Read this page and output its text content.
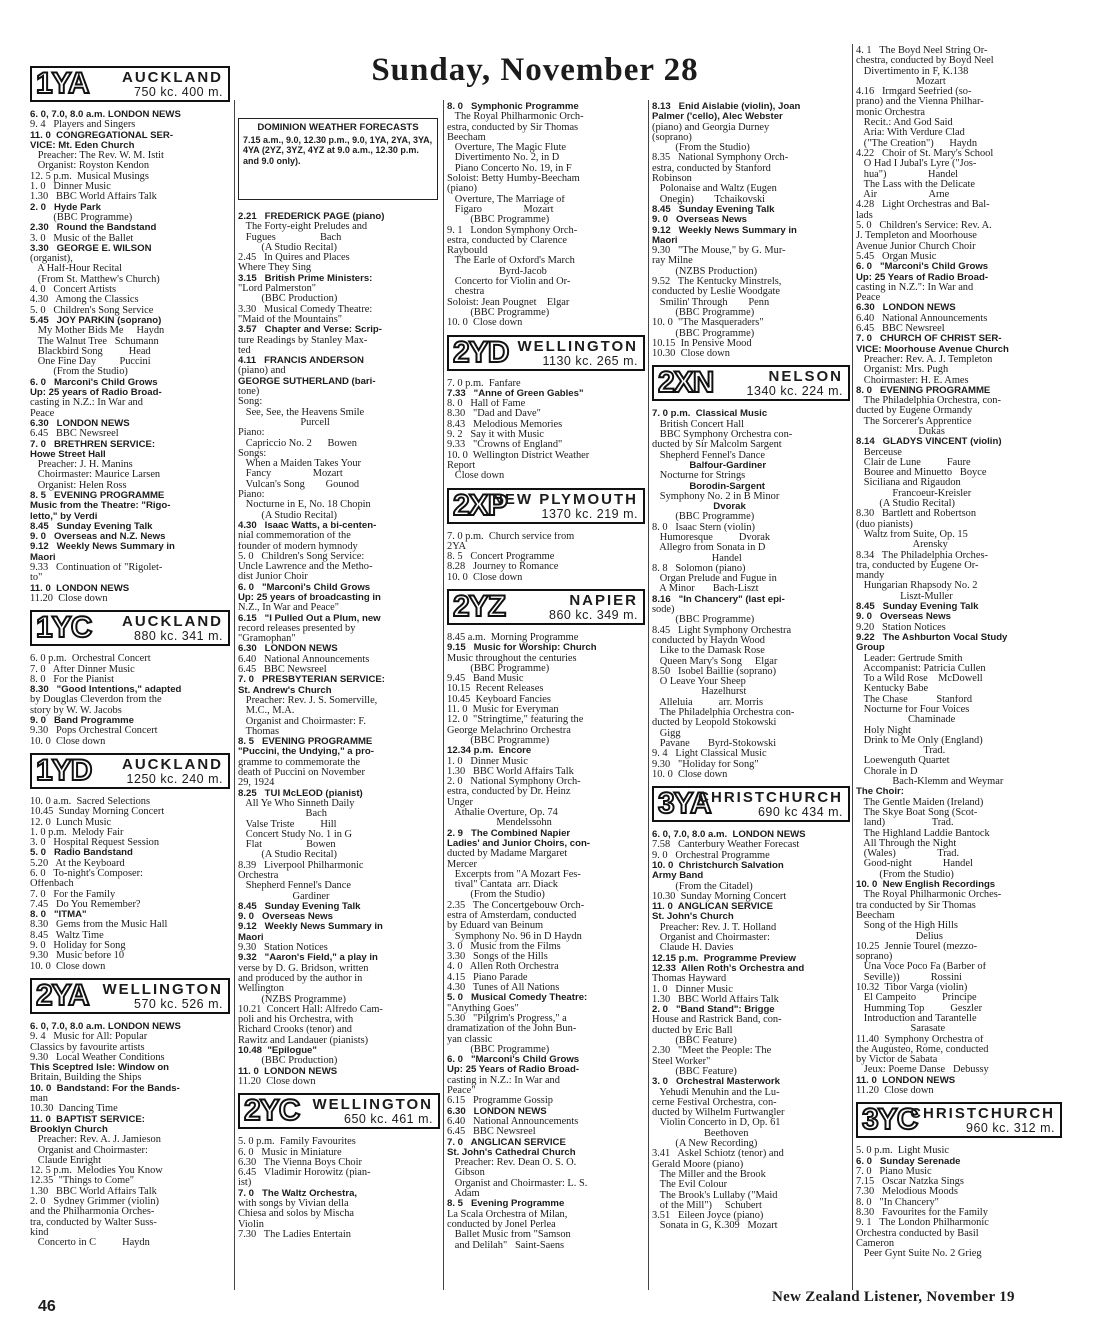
Sunday, November 28
DOMINION WEATHER FORECASTS
7.15 a.m., 9.0, 12.30 p.m., 9.0, 1YA, 2YA, 3YA, 4YA (2YZ, 3YZ, 4YZ at 9.0 a.m., 12.30 p.m. and 9.0 only).
1YA AUCKLAND
750 kc. 400 m.
6. 0, 7.0, 8.0 a.m. LONDON NEWS
9. 4   Players and Singers
11. 0  CONGREGATIONAL SER-
VICE: Mt. Eden Church
Preacher: The Rev. W. M. Istit
Organist: Royston Kendon
12. 5 p.m.  Musical Musings
1. 0   Dinner Music
1.30   BBC World Affairs Talk
2. 0   Hyde Park
(BBC Programme)
2.30   Round the Bandstand
3. 0   Music of the Ballet
3.30   GEORGE E. WILSON
(organist),
A Half-Hour Recital
(From St. Matthew's Church)
4. 0   Concert Artists
4.30   Among the Classics
5. 0   Children's Song Service
5.45   JOY PARKIN (soprano)
My Mother Bids Me     Haydn
The Walnut Tree   Schumann
Blackbird Song          Head
One Fine Day         Puccini
(From the Studio)
6. 0   Marconi's Child Grows
Up: 25 years of Radio Broad-
casting in N.Z.: In War and
Peace
6.30   LONDON NEWS
6.45   BBC Newsreel
7. 0   BRETHREN SERVICE:
Howe Street Hall
Preacher: J. H. Manins
Choirmaster: Maurice Larsen
Organist: Helen Ross
8. 5   EVENING PROGRAMME
Music from the Theatre: "Rigo-
letto," by Verdi
8.45   Sunday Evening Talk
9. 0   Overseas and N.Z. News
9.12   Weekly News Summary in
Maori
9.33   Continuation of "Rigolet-
to"
11. 0  LONDON NEWS
11.20  Close down
1YC AUCKLAND
880 kc. 341 m.
6. 0 p.m.  Orchestral Concert
7. 0   After Dinner Music
8. 0   For the Pianist
8.30   "Good Intentions," adapted
by Douglas Cleverdon from the
story by W. W. Jacobs
9. 0   Band Programme
9.30   Pops Orchestral Concert
10. 0  Close down
1YD AUCKLAND
1250 kc. 240 m.
10. 0 a.m.  Sacred Selections
10.45  Sunday Morning Concert
12. 0  Lunch Music
1. 0 p.m.  Melody Fair
3. 0   Hospital Request Session
5. 0   Radio Bandstand
5.20   At the Keyboard
6. 0   To-night's Composer:
Offenbach
7. 0   For the Family
7.45   Do You Remember?
8. 0   "ITMA"
8.30   Gems from the Music Hall
8.45   Waltz Time
9. 0   Holiday for Song
9.30   Music before 10
10. 0  Close down
2YA WELLINGTON
570 kc. 526 m.
6. 0, 7.0, 8.0 a.m. LONDON NEWS
9. 4   Music for All: Popular
Classics by favourite artists
9.30   Local Weather Conditions
This Sceptred Isle: Window on
Britain, Building the Ships
10. 0  Bandstand: For the Bands-
man
10.30  Dancing Time
11. 0  BAPTIST SERVICE:
Brooklyn Church
Preacher: Rev. A. J. Jamieson
Organist and Choirmaster:
Claude Enright
12. 5 p.m.  Melodies You Know
12.35  "Things to Come"
1.30   BBC World Affairs Talk
2. 0   Sydney Grimmer (violin)
and the Philharmonia Orches-
tra, conducted by Walter Suss-
kind
Concerto in C          Haydn
2.21   FREDERICK PAGE (piano)
The Forty-eight Preludes and
Fugues                 Bach
(A Studio Recital)
2.45   In Quires and Places
Where They Sing
3.15   British Prime Ministers:
"Lord Palmerston"
(BBC Production)
3.30   Musical Comedy Theatre:
"Maid of the Mountains"
3.57   Chapter and Verse: Scrip-
ture Readings by Stanley Max-
ted
4.11   FRANCIS ANDERSON
(piano) and
GEORGE SUTHERLAND (bari-
tone)
Song:
See, See, the Heavens Smile
Purcell
Piano:
Capriccio No. 2      Bowen
Songs:
When a Maiden Takes Your
Fancy                Mozart
Vulcan's Song        Gounod
Piano:
Nocturne in E, No. 18 Chopin
(A Studio Recital)
4.30   Isaac Watts, a bi-centen-
nial commemoration of the
founder of modern hymnody
5. 0   Children's Song Service:
Uncle Lawrence and the Metho-
dist Junior Choir
6. 0   "Marconi's Child Grows
Up: 25 years of broadcasting in
N.Z., In War and Peace"
6.15   "I Pulled Out a Plum, new
record releases presented by
"Gramophan"
6.30   LONDON NEWS
6.40   National Announcements
6.45   BBC Newsreel
7. 0   PRESBYTERIAN SERVICE:
St. Andrew's Church
Preacher: Rev. J. S. Somerville,
M.C., M.A.
Organist and Choirmaster: F.
Thomas
8. 5   EVENING PROGRAMME
"Puccini, the Undying," a pro-
gramme to commemorate the
death of Puccini on November
29, 1924
8.25   TUI McLEOD (pianist)
All Ye Who Sinneth Daily
Bach
Valse Triste          Hill
Concert Study No. 1 in G
Flat                 Bowen
(A Studio Recital)
8.39   Liverpool Philharmonic
Orchestra
Shepherd Fennel's Dance
Gardiner
8.45   Sunday Evening Talk
9. 0   Overseas News
9.12   Weekly News Summary in
Maori
9.30   Station Notices
9.32   "Aaron's Field," a play in
verse by D. G. Bridson, written
and produced by the author in
Wellington
(NZBS Programme)
10.21  Concert Hall: Alfredo Cam-
poli and his Orchestra, with
Richard Crooks (tenor) and
Rawitz and Landauer (pianists)
10.48  "Epilogue"
(BBC Production)
11. 0  LONDON NEWS
11.20  Close down
2YC WELLINGTON
650 kc. 461 m.
5. 0 p.m.  Family Favourites
6. 0   Music in Miniature
6.30   The Vienna Boys Choir
6.45   Vladimir Horowitz (pian-
ist)
7. 0   The Waltz Orchestra,
with songs by Vivian della
Chiesa and solos by Mischa
Violin
7.30   The Ladies Entertain
8. 0   Symphonic Programme
The Royal Philharmonic Orch-
estra, conducted by Sir Thomas
Beecham
Overture, The Magic Flute
Divertimento No. 2, in D
Piano Concerto No. 19, in F
Soloist: Betty Humby-Beecham
(piano)
Overture, The Marriage of
Figaro                Mozart
(BBC Programme)
9. 1   London Symphony Orch-
estra, conducted by Clarence
Raybould
The Earle of Oxford's March
Byrd-Jacob
Concerto for Violin and Or-
chestra
Soloist: Jean Pougnet    Elgar
(BBC Programme)
10. 0  Close down
2YD WELLINGTON
1130 kc. 265 m.
7. 0 p.m.  Fanfare
7.33   "Anne of Green Gables"
8. 0   Hall of Fame
8.30   "Dad and Dave"
8.43   Melodious Memories
9. 2   Say it with Music
9.33   "Crowns of England"
10. 0  Wellington District Weather
Report
Close down
2XP
NEW PLYMOUTH
1370 kc. 219 m.
7. 0 p.m.  Church service from
2YA
8. 5   Concert Programme
8.28   Journey to Romance
10. 0  Close down
2YZ	NAPIER
860 kc. 349 m.
8.45 a.m.  Morning Programme
9.15   Music for Worship: Church
Music throughout the centuries
(BBC Programme)
9.45   Band Music
10.15  Recent Releases
10.45  Keyboard Fancies
11. 0  Music for Everyman
12. 0  "Stringtime," featuring the
George Melachrino Orchestra
(BBC Programme)
12.34 p.m.  Encore
1. 0   Dinner Music
1.30   BBC World Affairs Talk
2. 0   National Symphony Orch-
estra, conducted by Dr. Heinz
Unger
Athalie Overture, Op. 74
Mendelssohn
2. 9   The Combined Napier
Ladies' and Junior Choirs, con-
ducted by Madame Margaret
Mercer
Excerpts from "A Mozart Fes-
tival" Cantata  arr. Diack
(From the Studio)
2.35   The Concertgebouw Orch-
estra of Amsterdam, conducted
by Eduard van Beinum
Symphony No. 96 in D Haydn
3. 0   Music from the Films
3.30   Songs of the Hills
4. 0   Allen Roth Orchestra
4.15   Piano Parade
4.30   Tunes of All Nations
5. 0   Musical Comedy Theatre:
"Anything Goes"
5.30   "Pilgrim's Progress," a
dramatization of the John Bun-
yan classic
(BBC Programme)
6. 0   "Marconi's Child Grows
Up: 25 Years of Radio Broad-
casting in N.Z.: In War and
Peace"
6.15   Programme Gossip
6.30   LONDON NEWS
6.40   National Announcements
6.45   BBC Newsreel
7. 0   ANGLICAN SERVICE
St. John's Cathedral Church
Preacher: Rev. Dean O. S. O.
Gibson
Organist and Choirmaster: L. S.
Adam
8. 5   Evening Programme
La Scala Orchestra of Milan,
conducted by Jonel Perlea
Ballet Music from "Samson
and Delilah"   Saint-Saens
8.13   Enid Aislabie (violin), Joan
Palmer ('cello), Alec Webster
(piano) and Georgia Durney
(soprano)
(From the Studio)
8.35   National Symphony Orch-
estra, conducted by Stanford
Robinson
Polonaise and Waltz (Eugen
Onegin)        Tchaikovski
8.45   Sunday Evening Talk
9. 0   Overseas News
9.12   Weekly News Summary in
Maori
9.30   "The Mouse," by G. Mur-
ray Milne
(NZBS Production)
9.52   The Kentucky Minstrels,
conducted by Leslie Woodgate
Smilin' Through        Penn
(BBC Programme)
10. 0  "The Masqueraders"
(BBC Programme)
10.15  In Pensive Mood
10.30  Close down
2XN	NELSON
1340 kc. 224 m.
7. 0 p.m.  Classical Music
British Concert Hall
BBC Symphony Orchestra con-
ducted by Sir Malcolm Sargent
Shepherd Fennel's Dance
Balfour-Gardiner
Nocturne for Strings
Borodin-Sargent
Symphony No. 2 in B Minor
Dvorak
(BBC Programme)
8. 0   Isaac Stern (violin)
Humoresque          Dvorak
Allegro from Sonata in D
Handel
8. 8   Solomon (piano)
Organ Prelude and Fugue in
A Minor       Bach-Liszt
8.16   "In Chancery" (last epi-
sode)
(BBC Programme)
8.45   Light Symphony Orchestra
conducted by Haydn Wood
Like to the Damask Rose
Queen Mary's Song     Elgar
8.50   Isobel Baillie (soprano)
O Leave Your Sheep
Hazelhurst
Alleluia          arr. Morris
The Philadelphia Orchestra con-
ducted by Leopold Stokowski
Gigg
Pavane       Byrd-Stokowski
9. 4   Light Classical Music
9.30   "Holiday for Song"
10. 0  Close down
3YA
CHRISTCHURCH
690 kc 434 m.
6. 0, 7.0, 8.0 a.m.  LONDON NEWS
7.58   Canterbury Weather Forecast
9. 0   Orchestral Programme
10. 0  Christchurch Salvation
Army Band
(From the Citadel)
10.30  Sunday Morning Concert
11. 0  ANGLICAN SERVICE
St. John's Church
Preacher: Rev. J. T. Holland
Organist and Choirmaster:
Claude H. Davies
12.15 p.m.  Programme Preview
12.33  Allen Roth's Orchestra and
Thomas Hayward
1. 0   Dinner Music
1.30   BBC World Affairs Talk
2. 0   "Band Stand": Brigge
House and Rastrick Band, con-
ducted by Eric Ball
(BBC Feature)
2.30   "Meet the People: The
Steel Worker"
(BBC Feature)
3. 0   Orchestral Masterwork
Yehudi Menuhin and the Lu-
cerne Festival Orchestra, con-
ducted by Wilhelm Furtwangler
Violin Concerto in D, Op. 61
Beethoven
(A New Recording)
3.41   Askel Schiotz (tenor) and
Gerald Moore (piano)
The Miller and the Brook
The Evil Colour
The Brook's Lullaby ("Maid
of the Mill")     Schubert
3.51   Eileen Joyce (piano)
Sonata in G, K.309   Mozart
4. 1   The Boyd Neel String Or-
chestra, conducted by Boyd Neel
Divertimento in F, K.138
Mozart
4.16   Irmgard Seefried (so-
prano) and the Vienna Philhar-
monic Orchestra
Recit.: And God Said
Aria: With Verdure Clad
("The Creation")      Haydn
4.22   Choir of St. Mary's School
O Had I Jubal's Lyre ("Jos-
hua")                Handel
The Lass with the Delicate
Air                    Arne
4.28   Light Orchestras and Bal-
lads
5. 0   Children's Service: Rev. A.
J. Templeton and Moorhouse
Avenue Junior Church Choir
5.45   Organ Music
6. 0   "Marconi's Child Grows
Up: 25 Years of Radio Broad-
casting in N.Z.": In War and
Peace
6.30   LONDON NEWS
6.40   National Announcements
6.45   BBC Newsreel
7. 0   CHURCH OF CHRIST SER-
VICE: Moorhouse Avenue Church
Preacher: Rev. A. J. Templeton
Organist: Mrs. Pugh
Choirmaster: H. E. Ames
8. 0   EVENING PROGRAMME
The Philadelphia Orchestra, con-
ducted by Eugene Ormandy
The Sorcerer's Apprentice
Dukas
8.14   GLADYS VINCENT (violin)
Berceuse
Clair de Lune          Faure
Bouree and Minuetto   Boyce
Siciliana and Rigaudon
Francoeur-Kreisler
(A Studio Recital)
8.30   Bartlett and Robertson
(duo pianists)
Waltz from Suite, Op. 15
Arensky
8.34   The Philadelphia Orches-
tra, conducted by Eugene Or-
mandy
Hungarian Rhapsody No. 2
Liszt-Muller
8.45   Sunday Evening Talk
9. 0   Overseas News
9.20   Station Notices
9.22   The Ashburton Vocal Study
Group
Leader: Gertrude Smith
Accompanist: Patricia Cullen
To a Wild Rose    McDowell
Kentucky Babe
The Chase           Stanford
Nocturne for Four Voices
Chaminade
Holy Night
Drink to Me Only (England)
Trad.
Loewenguth Quartet
Chorale in D
Bach-Klemm and Weymar
The Choir:
The Gentle Maiden (Ireland)
The Skye Boat Song (Scot-
land)                  Trad.
The Highland Laddie Bantock
All Through the Night
(Wales)                Trad.
Good-night            Handel
(From the Studio)
10. 0  New English Recordings
The Royal Philharmonic Orches-
tra conducted by Sir Thomas
Beecham
Song of the High Hills
Delius
10.25  Jennie Tourel (mezzo-
soprano)
Una Voce Poco Fa (Barber of
Seville))            Rossini
10.32  Tibor Varga (violin)
El Campeito          Principe
Humming Top          Geszler
Introduction and Tarantelle
Sarasate
11.40  Symphony Orchestra of
the Augusteo, Rome, conducted
by Victor de Sabata
Jeux: Poeme Danse   Debussy
11. 0  LONDON NEWS
11.20  Close down
3YC
CHRISTCHURCH
960 kc. 312 m.
5. 0 p.m.  Light Music
6. 0   Sunday Serenade
7. 0   Piano Music
7.15   Oscar Natzka Sings
7.30   Melodious Moods
8. 0   "In Chancery"
8.30   Favourites for the Family
9. 1   The London Philharmonic
Orchestra conducted by Basil
Cameron
Peer Gynt Suite No. 2 Grieg
46
New Zealand Listener, November 19
